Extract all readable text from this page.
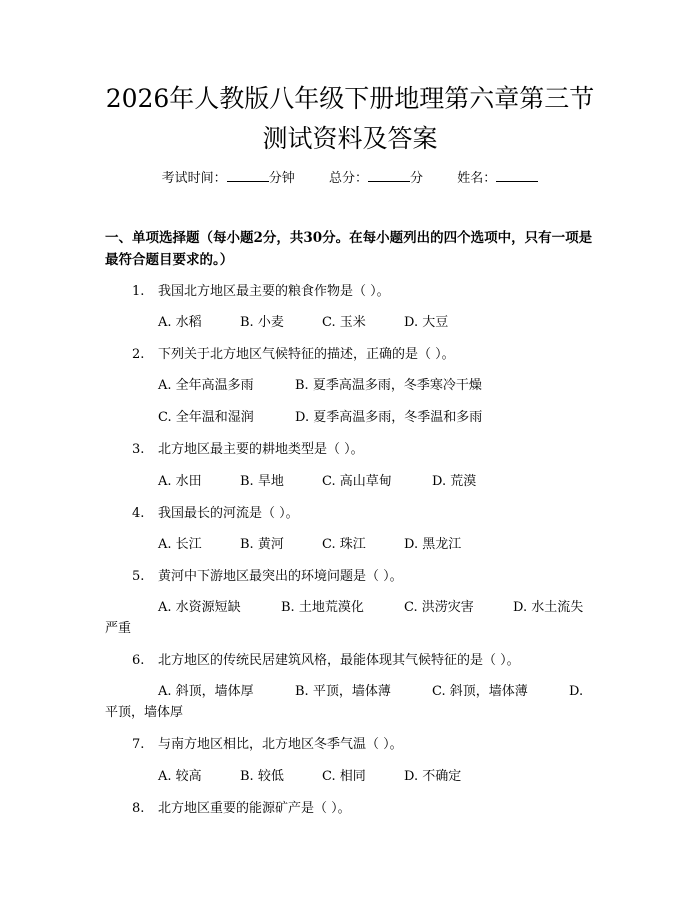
2026年人教版八年级下册地理第六章第三节
测试资料及答案
考试时间：	分钟	总分：	分	姓名：
一、单项选择题（每小题2分，共30分。在每小题列出的四个选项中，只有一项是最符合题目要求的。）
1. 我国北方地区最主要的粮食作物是（ ）。
A. 水稻	B. 小麦	C. 玉米	D. 大豆
2. 下列关于北方地区气候特征的描述，正确的是（ ）。
A. 全年高温多雨	B. 夏季高温多雨，冬季寒冷干燥
C. 全年温和湿润	D. 夏季高温多雨，冬季温和多雨
3. 北方地区最主要的耕地类型是（ ）。
A. 水田	B. 旱地	C. 高山草甸	D. 荒漠
4. 我国最长的河流是（ ）。
A. 长江	B. 黄河	C. 珠江	D. 黑龙江
5. 黄河中下游地区最突出的环境问题是（ ）。
A. 水资源短缺	B. 土地荒漠化	C. 洪涝灾害	D. 水土流失
严重
6. 北方地区的传统民居建筑风格，最能体现其气候特征的是（ ）。
A. 斜顶，墙体厚	B. 平顶，墙体薄	C. 斜顶，墙体薄	D.
平顶，墙体厚
7. 与南方地区相比，北方地区冬季气温（ ）。
A. 较高	B. 较低	C. 相同	D. 不确定
8. 北方地区重要的能源矿产是（ ）。
